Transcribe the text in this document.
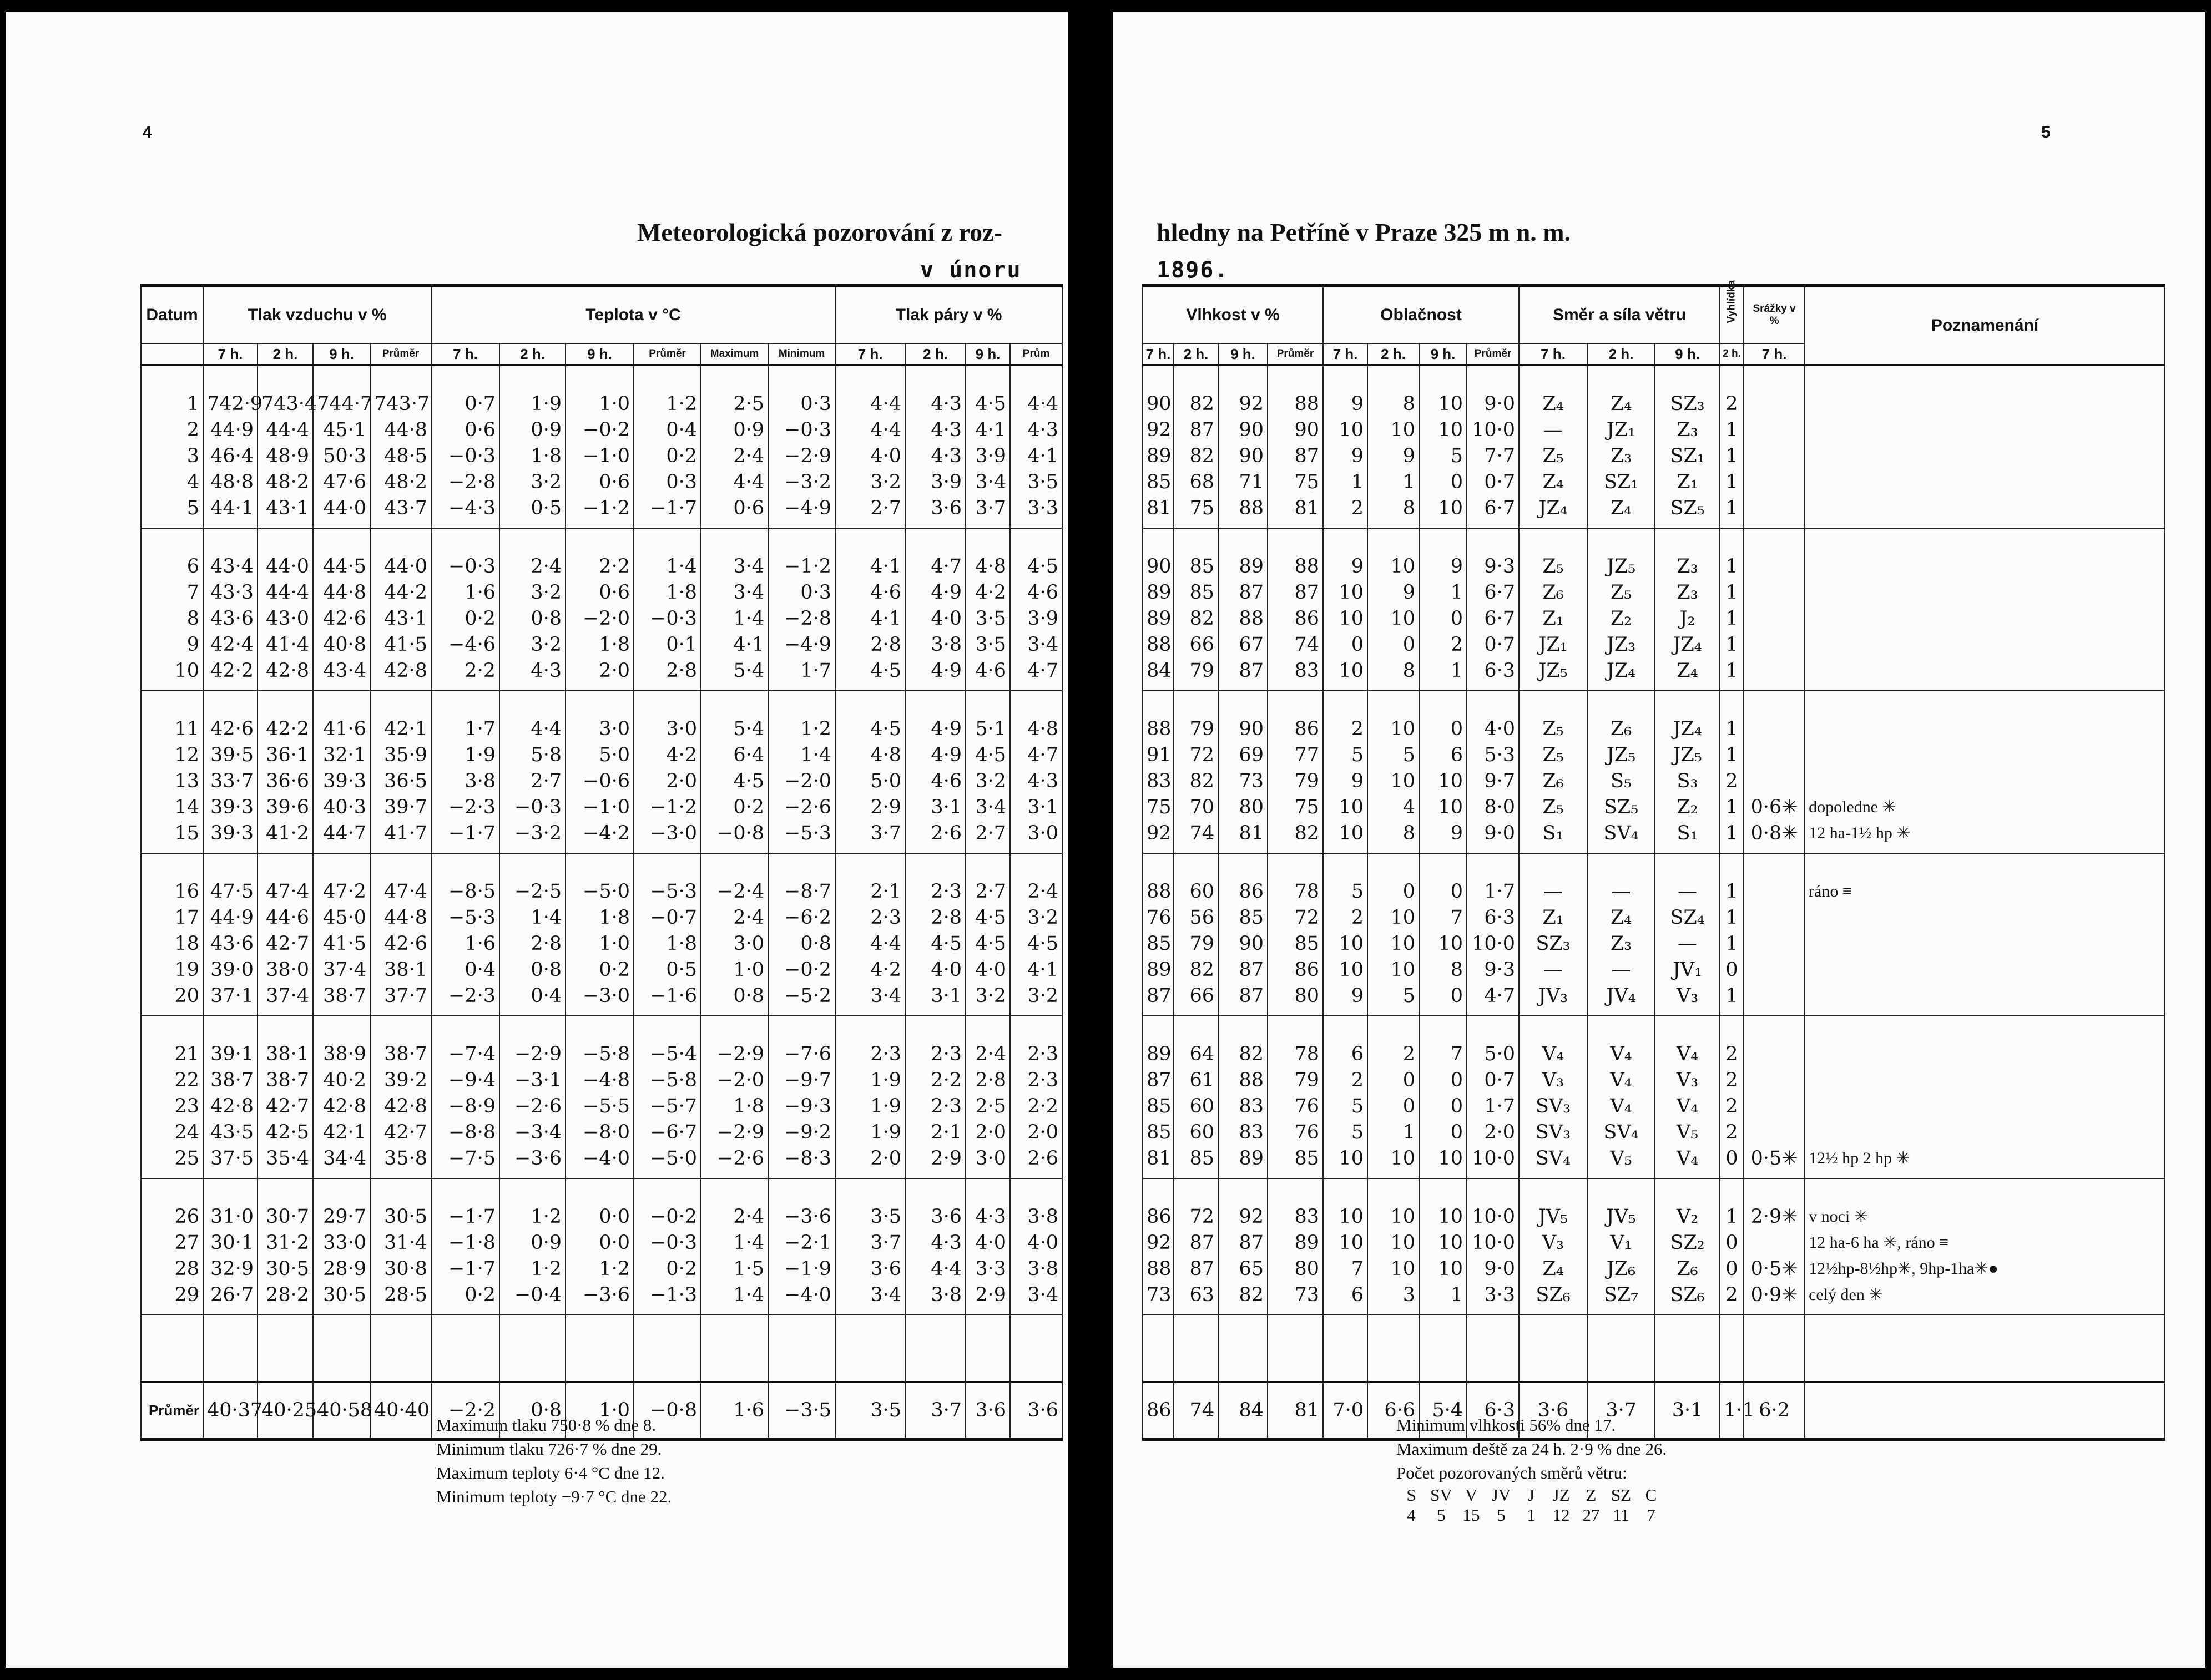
4
Meteorologická pozorování z roz-
v únoru
Datum	Tlak vzduchu v %				Teplota v °C						Tlak páry v %			
	7 h.	2 h.	9 h.	Průměr	7 h.	2 h.	9 h.	Průměr	Maximum	Minimum	7 h.	2 h.	9 h.	Prům
1	742·9	743·4	744·7	743·7	0·7	1·9	1·0	1·2	2·5	0·3	4·4	4·3	4·5	4·4
2	44·9	44·4	45·1	44·8	0·6	0·9	−0·2	0·4	0·9	−0·3	4·4	4·3	4·1	4·3
3	46·4	48·9	50·3	48·5	−0·3	1·8	−1·0	0·2	2·4	−2·9	4·0	4·3	3·9	4·1
4	48·8	48·2	47·6	48·2	−2·8	3·2	0·6	0·3	4·4	−3·2	3·2	3·9	3·4	3·5
5	44·1	43·1	44·0	43·7	−4·3	0·5	−1·2	−1·7	0·6	−4·9	2·7	3·6	3·7	3·3
6	43·4	44·0	44·5	44·0	−0·3	2·4	2·2	1·4	3·4	−1·2	4·1	4·7	4·8	4·5
7	43·3	44·4	44·8	44·2	1·6	3·2	0·6	1·8	3·4	0·3	4·6	4·9	4·2	4·6
8	43·6	43·0	42·6	43·1	0·2	0·8	−2·0	−0·3	1·4	−2·8	4·1	4·0	3·5	3·9
9	42·4	41·4	40·8	41·5	−4·6	3·2	1·8	0·1	4·1	−4·9	2·8	3·8	3·5	3·4
10	42·2	42·8	43·4	42·8	2·2	4·3	2·0	2·8	5·4	1·7	4·5	4·9	4·6	4·7
11	42·6	42·2	41·6	42·1	1·7	4·4	3·0	3·0	5·4	1·2	4·5	4·9	5·1	4·8
12	39·5	36·1	32·1	35·9	1·9	5·8	5·0	4·2	6·4	1·4	4·8	4·9	4·5	4·7
13	33·7	36·6	39·3	36·5	3·8	2·7	−0·6	2·0	4·5	−2·0	5·0	4·6	3·2	4·3
14	39·3	39·6	40·3	39·7	−2·3	−0·3	−1·0	−1·2	0·2	−2·6	2·9	3·1	3·4	3·1
15	39·3	41·2	44·7	41·7	−1·7	−3·2	−4·2	−3·0	−0·8	−5·3	3·7	2·6	2·7	3·0
16	47·5	47·4	47·2	47·4	−8·5	−2·5	−5·0	−5·3	−2·4	−8·7	2·1	2·3	2·7	2·4
17	44·9	44·6	45·0	44·8	−5·3	1·4	1·8	−0·7	2·4	−6·2	2·3	2·8	4·5	3·2
18	43·6	42·7	41·5	42·6	1·6	2·8	1·0	1·8	3·0	0·8	4·4	4·5	4·5	4·5
19	39·0	38·0	37·4	38·1	0·4	0·8	0·2	0·5	1·0	−0·2	4·2	4·0	4·0	4·1
20	37·1	37·4	38·7	37·7	−2·3	0·4	−3·0	−1·6	0·8	−5·2	3·4	3·1	3·2	3·2
21	39·1	38·1	38·9	38·7	−7·4	−2·9	−5·8	−5·4	−2·9	−7·6	2·3	2·3	2·4	2·3
22	38·7	38·7	40·2	39·2	−9·4	−3·1	−4·8	−5·8	−2·0	−9·7	1·9	2·2	2·8	2·3
23	42·8	42·7	42·8	42·8	−8·9	−2·6	−5·5	−5·7	1·8	−9·3	1·9	2·3	2·5	2·2
24	43·5	42·5	42·1	42·7	−8·8	−3·4	−8·0	−6·7	−2·9	−9·2	1·9	2·1	2·0	2·0
25	37·5	35·4	34·4	35·8	−7·5	−3·6	−4·0	−5·0	−2·6	−8·3	2·0	2·9	3·0	2·6
26	31·0	30·7	29·7	30·5	−1·7	1·2	0·0	−0·2	2·4	−3·6	3·5	3·6	4·3	3·8
27	30·1	31·2	33·0	31·4	−1·8	0·9	0·0	−0·3	1·4	−2·1	3·7	4·3	4·0	4·0
28	32·9	30·5	28·9	30·8	−1·7	1·2	1·2	0·2	1·5	−1·9	3·6	4·4	3·3	3·8
29	26·7	28·2	30·5	28·5	0·2	−0·4	−3·6	−1·3	1·4	−4·0	3·4	3·8	2·9	3·4

Průměr	40·37	40·25	40·58	40·40	−2·2	0·8	1·0	−0·8	1·6	−3·5	3·5	3·7	3·6	3·6
Maximum tlaku 750·8 % dne 8.
Minimum tlaku 726·7 % dne 29.
Maximum teploty 6·4 °C dne 12.
Minimum teploty −9·7 °C dne 22.
5
hledny na Petříně v Praze 325 m n. m.
1896.
Vlhkost v %				Oblačnost				Směr a síla větru			Vyhlídka	Srážky v %	Poznamenání
7 h.	2 h.	9 h.	Průměr	7 h.	2 h.	9 h.	Průměr	7 h.	2 h.	9 h.	2 h.	7 h.	
90	82	92	88	9	8	10	9·0	Z₄	Z₄	SZ₃	2		
92	87	90	90	10	10	10	10·0	—	JZ₁	Z₃	1		
89	82	90	87	9	9	5	7·7	Z₅	Z₃	SZ₁	1		
85	68	71	75	1	1	0	0·7	Z₄	SZ₁	Z₁	1		
81	75	88	81	2	8	10	6·7	JZ₄	Z₄	SZ₅	1		
90	85	89	88	9	10	9	9·3	Z₅	JZ₅	Z₃	1		
89	85	87	87	10	9	1	6·7	Z₆	Z₅	Z₃	1		
89	82	88	86	10	10	0	6·7	Z₁	Z₂	J₂	1		
88	66	67	74	0	0	2	0·7	JZ₁	JZ₃	JZ₄	1		
84	79	87	83	10	8	1	6·3	JZ₅	JZ₄	Z₄	1		
88	79	90	86	2	10	0	4·0	Z₅	Z₆	JZ₄	1		
91	72	69	77	5	5	6	5·3	Z₅	JZ₅	JZ₅	1		
83	82	73	79	9	10	10	9·7	Z₆	S₅	S₃	2		
75	70	80	75	10	4	10	8·0	Z₅	SZ₅	Z₂	1	0·6✳	dopoledne ✳
92	74	81	82	10	8	9	9·0	S₁	SV₄	S₁	1	0·8✳	12 ha-1½ hp ✳
88	60	86	78	5	0	0	1·7	—	—	—	1		ráno ≡
76	56	85	72	2	10	7	6·3	Z₁	Z₄	SZ₄	1		
85	79	90	85	10	10	10	10·0	SZ₃	Z₃	—	1		
89	82	87	86	10	10	8	9·3	—	—	JV₁	0		
87	66	87	80	9	5	0	4·7	JV₃	JV₄	V₃	1		
89	64	82	78	6	2	7	5·0	V₄	V₄	V₄	2		
87	61	88	79	2	0	0	0·7	V₃	V₄	V₃	2		
85	60	83	76	5	0	0	1·7	SV₃	V₄	V₄	2		
85	60	83	76	5	1	0	2·0	SV₃	SV₄	V₅	2		
81	85	89	85	10	10	10	10·0	SV₄	V₅	V₄	0	0·5✳	12½ hp 2 hp ✳
86	72	92	83	10	10	10	10·0	JV₅	JV₅	V₂	1	2·9✳	v noci ✳
92	87	87	89	10	10	10	10·0	V₃	V₁	SZ₂	0		12 ha-6 ha ✳, ráno ≡
88	87	65	80	7	10	10	9·0	Z₄	JZ₆	Z₆	0	0·5✳	12½hp-8½hp✳, 9hp-1ha✳●
73	63	82	73	6	3	1	3·3	SZ₆	SZ₇	SZ₆	2	0·9✳	celý den ✳

86	74	84	81	7·0	6·6	5·4	6·3	3·6	3·7	3·1	1·1	6·2	
Minimum vlhkosti 56% dne 17.
Maximum deště za 24 h. 2·9 % dne 26.
Počet pozorovaných směrů větru:
S SV V JV J JZ Z SZ C
4 5 15 5 1 12 27 11 7
